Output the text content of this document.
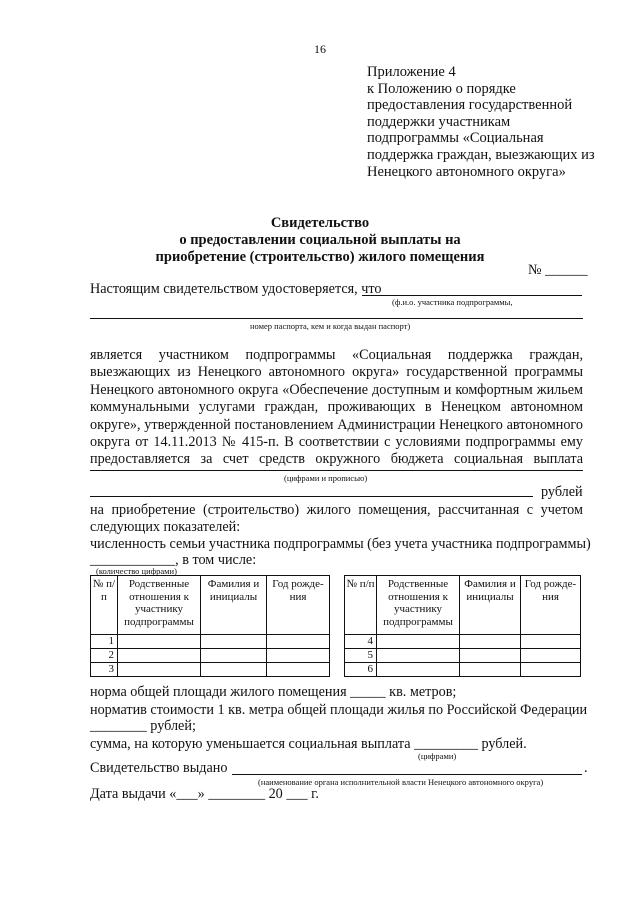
16
Приложение 4
к Положению о порядке
предоставления государственной
поддержки участникам
подпрограммы «Социальная
поддержка граждан, выезжающих из
Ненецкого автономного округа»
Свидетельство
о предоставлении социальной выплаты на
приобретение (строительство) жилого помещения
№ ______
Настоящим свидетельством удостоверяется, что
(ф.и.о. участника подпрограммы,
номер паспорта, кем и когда выдан паспорт)
является участником подпрограммы «Социальная поддержка граждан,
выезжающих из Ненецкого автономного округа» государственной программы
Ненецкого автономного округа «Обеспечение доступным и комфортным жильем
коммунальными услугами граждан, проживающих в Ненецком автономном
округе», утвержденной постановлением Администрации Ненецкого автономного
округа от 14.11.2013 № 415-п. В соответствии с условиями подпрограммы ему
предоставляется за счет средств окружного бюджета социальная выплата
(цифрами и прописью)
рублей
на приобретение (строительство) жилого помещения, рассчитанная с учетом
следующих показателей:
численность семьи участника подпрограммы (без учета участника подпрограммы)
____________, в том числе:
(количество цифрами)
№ п/п	Родственные отношения к участнику подпрограммы	Фамилия и инициалы	Год рожде-ния
1			
2			
3			
№ п/п	Родственные отношения к участнику подпрограммы	Фамилия и инициалы	Год рожде-ния
4			
5			
6			
норма общей площади жилого помещения _____ кв. метров;
норматив стоимости 1 кв. метра общей площади жилья по Российской Федерации
________ рублей;
сумма, на которую уменьшается социальная выплата _________ рублей.
(цифрами)
Свидетельство выдано	.
(наименование органа исполнительной власти Ненецкого автономного округа)
Дата выдачи «___» ________ 20 ___ г.
